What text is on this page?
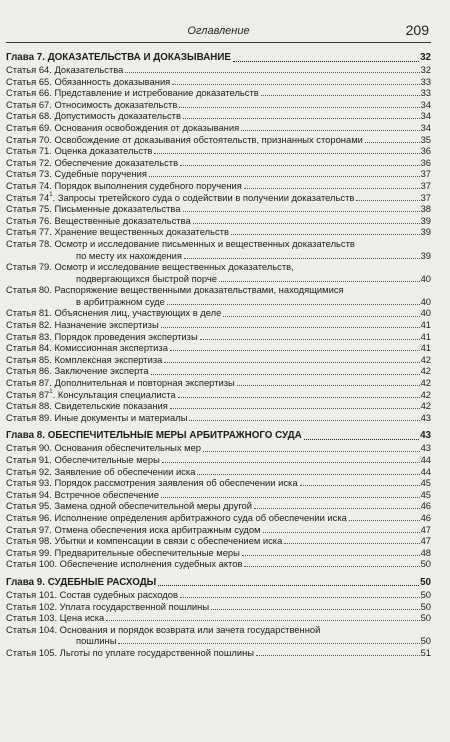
Оглавление	209
Глава 7. ДОКАЗАТЕЛЬСТВА И ДОКАЗЫВАНИЕ	32
Статья 64. Доказательства	32
Статья 65. Обязанность доказывания	33
Статья 66. Представление и истребование доказательств	33
Статья 67. Относимость доказательств	34
Статья 68. Допустимость доказательств	34
Статья 69. Основания освобождения от доказывания	34
Статья 70. Освобождение от доказывания обстоятельств, признанных сторонами	35
Статья 71. Оценка доказательств	36
Статья 72. Обеспечение доказательств	36
Статья 73. Судебные поручения	37
Статья 74. Порядок выполнения судебного поручения	37
Статья $74^1$. Запросы третейского суда о содействии в получении доказательств	37
Статья 75. Письменные доказательства	38
Статья 76. Вещественные доказательства	39
Статья 77. Хранение вещественных доказательств	39
Статья 78. Осмотр и исследование письменных и вещественных доказательств
по месту их нахождения	39
Статья 79. Осмотр и исследование вещественных доказательств,
подвергающихся быстрой порче	40
Статья 80. Распоряжение вещественными доказательствами, находящимися
в арбитражном суде	40
Статья 81. Объяснения лиц, участвующих в деле	40
Статья 82. Назначение экспертизы	41
Статья 83. Порядок проведения экспертизы	41
Статья 84. Комиссионная экспертиза	41
Статья 85. Комплексная экспертиза	42
Статья 86. Заключение эксперта	42
Статья 87. Дополнительная и повторная экспертизы	42
Статья $87^1$. Консультация специалиста	42
Статья 88. Свидетельские показания	42
Статья 89. Иные документы и материалы	43
Глава 8. ОБЕСПЕЧИТЕЛЬНЫЕ МЕРЫ АРБИТРАЖНОГО СУДА	43
Статья 90. Основания обеспечительных мер	43
Статья 91. Обеспечительные меры	44
Статья 92. Заявление об обеспечении иска	44
Статья 93. Порядок рассмотрения заявления об обеспечении иска	45
Статья 94. Встречное обеспечение	45
Статья 95. Замена одной обеспечительной меры другой	46
Статья 96. Исполнение определения арбитражного суда об обеспечении иска	46
Статья 97. Отмена обеспечения иска арбитражным судом	47
Статья 98. Убытки и компенсации в связи с обеспечением иска	47
Статья 99. Предварительные обеспечительные меры	48
Статья 100. Обеспечение исполнения судебных актов	50
Глава 9. СУДЕБНЫЕ РАСХОДЫ	50
Статья 101. Состав судебных расходов	50
Статья 102. Уплата государственной пошлины	50
Статья 103. Цена иска	50
Статья 104. Основания и порядок возврата или зачета государственной
пошлины	50
Статья 105. Льготы по уплате государственной пошлины	51
